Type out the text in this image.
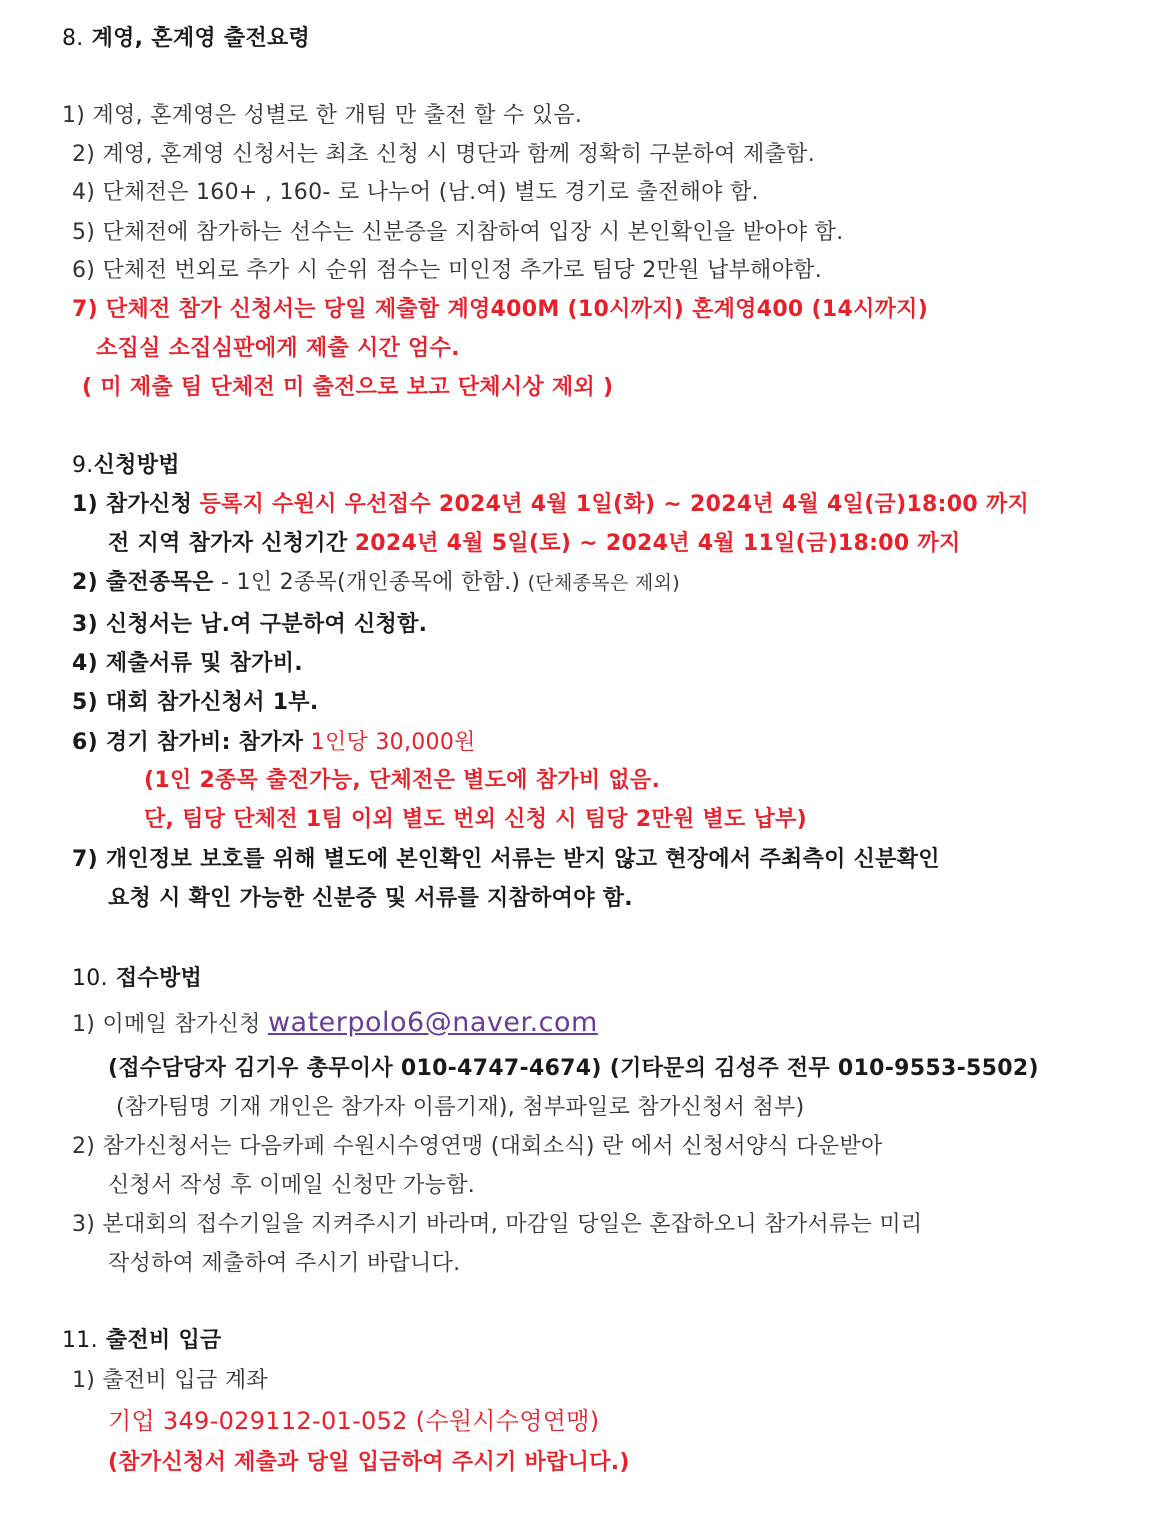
8. 계영, 혼계영 출전요령
1) 계영, 혼계영은 성별로 한 개팀 만 출전 할 수 있음.
2) 계영, 혼계영 신청서는 최초 신청 시 명단과 함께 정확히 구분하여 제출함.
4) 단체전은 160+ , 160- 로 나누어 (남.여) 별도 경기로 출전해야 함.
5) 단체전에 참가하는 선수는 신분증을 지참하여 입장 시 본인확인을 받아야 함.
6) 단체전 번외로 추가 시 순위 점수는 미인정 추가로 팀당 2만원 납부해야함.
7) 단체전 참가 신청서는 당일 제출함 계영400M (10시까지) 혼계영400 (14시까지)
소집실 소집심판에게 제출 시간 엄수.
( 미 제출 팀 단체전 미 출전으로 보고 단체시상 제외 )
9.신청방법
1) 참가신청 등록지 수원시 우선접수 2024년 4월 1일(화) ~ 2024년 4월 4일(금)18:00 까지
전 지역 참가자 신청기간 2024년 4월 5일(토) ~ 2024년 4월 11일(금)18:00 까지
2) 출전종목은 - 1인 2종목(개인종목에 한함.) (단체종목은 제외)
3) 신청서는 남.여 구분하여 신청함.
4) 제출서류 및 참가비.
5) 대회 참가신청서 1부.
6) 경기 참가비: 참가자 1인당 30,000원
(1인 2종목 출전가능, 단체전은 별도에 참가비 없음.
단, 팀당 단체전 1팀 이외 별도 번외 신청 시 팀당 2만원 별도 납부)
7) 개인정보 보호를 위해 별도에 본인확인 서류는 받지 않고 현장에서 주최측이 신분확인
요청 시 확인 가능한 신분증 및 서류를 지참하여야 함.
10. 접수방법
1) 이메일 참가신청 waterpolo6@naver.com
(접수담당자 김기우 총무이사 010-4747-4674) (기타문의 김성주 전무 010-9553-5502)
(참가팀명 기재 개인은 참가자 이름기재), 첨부파일로 참가신청서 첨부)
2) 참가신청서는 다음카페 수원시수영연맹 (대회소식) 란 에서 신청서양식 다운받아
신청서 작성 후 이메일 신청만 가능함.
3) 본대회의 접수기일을 지켜주시기 바라며, 마감일 당일은 혼잡하오니 참가서류는 미리
작성하여 제출하여 주시기 바랍니다.
11. 출전비 입금
1) 출전비 입금 계좌
기업 349-029112-01-052 (수원시수영연맹)
(참가신청서 제출과 당일 입금하여 주시기 바랍니다.)
